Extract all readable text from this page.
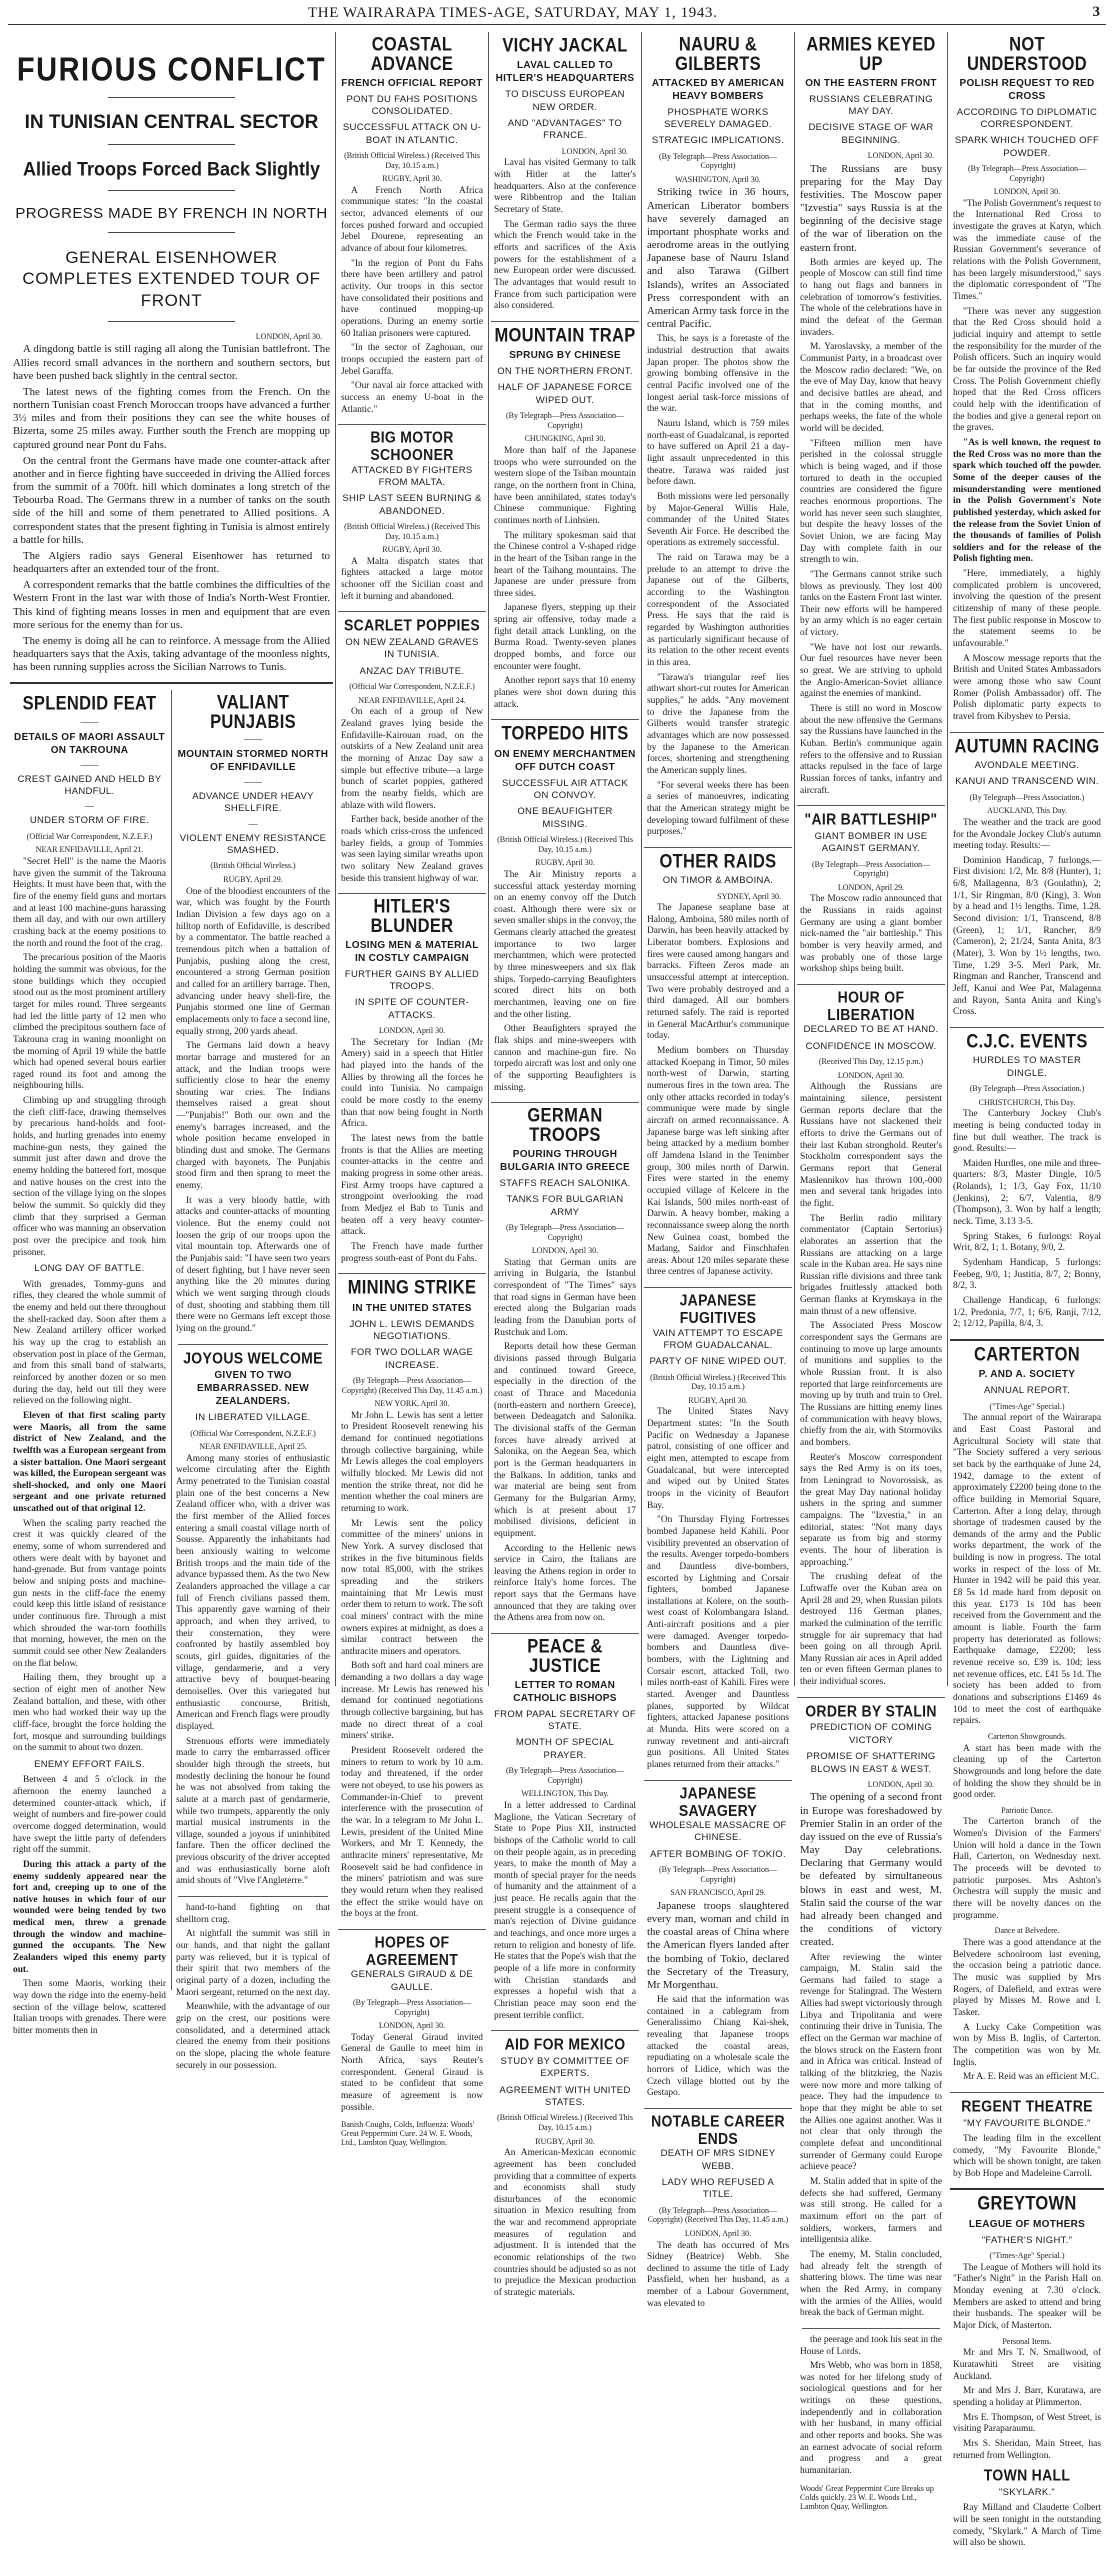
THE WAIRARAPA TIMES-AGE, SATURDAY, MAY 1, 1943.	3
FURIOUS CONFLICT
IN TUNISIAN CENTRAL SECTOR
Allied Troops Forced Back Slightly
PROGRESS MADE BY FRENCH IN NORTH
GENERAL EISENHOWER COMPLETES EXTENDED TOUR OF FRONT
LONDON, April 30.

A dingdong battle is still raging all along the Tunisian battlefront. The Allies record small advances in the northern and southern sectors, but have been pushed back slightly in the central sector.

The latest news of the fighting comes from the French. On the northern Tunisian coast French Moroccan troops have advanced a further 3½ miles and from their positions they can see the white houses of Bizerta, some 25 miles away. Further south the French are mopping up captured ground near Pont du Fahs.

On the central front the Germans have made one counter-attack after another and in fierce fighting have succeeded in driving the Allied forces from the summit of a 700ft. hill which dominates a long stretch of the Tebourba Road. The Germans threw in a number of tanks on the south side of the hill and some of them penetrated to Allied positions. A correspondent states that the present fighting in Tunisia is almost entirely a battle for hills.

The Algiers radio says General Eisenhower has returned to headquarters after an extended tour of the front.

A correspondent remarks that the battle combines the difficulties of the Western Front in the last war with those of India's North-West Frontier. This kind of fighting means losses in men and equipment that are even more serious for the enemy than for us.

The enemy is doing all he can to reinforce. A message from the Allied headquarters says that the Axis, taking advantage of the moonless nights, has been running supplies across the Sicilian Narrows to Tunis.

SPLENDID FEAT
——
DETAILS OF MAORI ASSAULT ON TAKROUNA
——
CREST GAINED AND HELD BY HANDFUL.
—
UNDER STORM OF FIRE.
(Official War Correspondent, N.Z.E.F.)
NEAR ENFIDAVILLE, April 21.

"Secret Hell" is the name the Maoris have given the summit of the Takrouna Heights. It must have been that, with the fire of the enemy field guns and mortars and at least 100 machine-guns harassing them all day, and with our own artillery crashing back at the enemy positions to the north and round the foot of the crag.

The precarious position of the Maoris holding the summit was obvious, for the stone buildings which they occupied stood out as the most prominent artillery target for miles round. Three sergeants had led the little party of 12 men who climbed the precipitous southern face of Takrouna crag in waning moonlight on the morning of April 19 while the battle which had opened several hours earlier raged round its foot and among the neighbouring hills.

Climbing up and struggling through the cleft cliff-face, drawing themselves by precarious hand-holds and foot-holds, and hurling grenades into enemy machine-gun nests, they gained the summit just after dawn and drove the enemy holding the battered fort, mosque and native houses on the crest into the section of the village lying on the slopes below the summit. So quickly did they climb that they surprised a German officer who was manning an observation post over the precipice and took him prisoner.

LONG DAY OF BATTLE.

With grenades, Tommy-guns and rifles, they cleared the whole summit of the enemy and held out there throughout the shell-racked day. Soon after them a New Zealand artillery officer worked his way up the crag to establish an observation post in place of the German, and from this small band of stalwarts, reinforced by another dozen or so men during the day, held out till they were relieved on the following night.

Eleven of that first scaling party were Maoris, all from the same district of New Zealand, and the twelfth was a European sergeant from a sister battalion. One Maori sergeant was killed, the European sergeant was shell-shocked, and only one Maori sergeant and one private returned unscathed out of that original 12.

When the scaling party reached the crest it was quickly cleared of the enemy, some of whom surrendered and others were dealt with by bayonet and hand-grenade. But from vantage points below and sniping posts and machine-gun nests in the cliff-face the enemy could keep this little island of resistance under continuous fire. Through a mist which shrouded the war-torn foothills that morning, however, the men on the summit could see other New Zealanders on the flat below.

Hailing them, they brought up a section of eight men of another New Zealand battalion, and these, with other men who had worked their way up the cliff-face, brought the force holding the fort, mosque and surrounding buildings on the summit to about two dozen.

ENEMY EFFORT FAILS.

Between 4 and 5 o'clock in the afternoon the enemy launched a determined counter-attack which, if weight of numbers and fire-power could overcome dogged determination, would have swept the little party of defenders right off the summit.

During this attack a party of the enemy suddenly appeared near the fort and, creeping up to one of the native houses in which four of our wounded were being tended by two medical men, threw a grenade through the window and machine-gunned the occupants. The New Zealanders wiped this enemy party out.

Then some Maoris, working their way down the ridge into the enemy-held section of the village below, scattered Italian troops with grenades. There were bitter moments then in

VALIANT PUNJABIS
——
MOUNTAIN STORMED NORTH OF ENFIDAVILLE
——
ADVANCE UNDER HEAVY SHELLFIRE.
—
VIOLENT ENEMY RESISTANCE SMASHED.
(British Official Wireless.)
RUGBY, April 29.

One of the bloodiest encounters of the war, which was fought by the Fourth Indian Division a few days ago on a hilltop north of Enfidaville, is described by a commentator. The battle reached a tremendous pitch when a battalion of Punjabis, pushing along the crest, encountered a strong German position and called for an artillery barrage. Then, advancing under heavy shell-fire, the Punjabis stormed one line of German emplacements only to face a second line, equally strong, 200 yards ahead.

The Germans laid down a heavy mortar barrage and mustered for an attack, and the Indian troops were sufficiently close to hear the enemy shouting war cries. The Indians themselves raised a great shout—"Punjabis!" Both our own and the enemy's barrages increased, and the whole position became enveloped in blinding dust and smoke. The Germans charged with bayonets. The Punjabis stood firm and then sprang to meet the enemy.

It was a very bloody battle, with attacks and counter-attacks of mounting violence. But the enemy could not loosen the grip of our troops upon the vital mountain top. Afterwards one of the Punjabis said: "I have seen two years of desert fighting, but I have never seen anything like the 20 minutes during which we went surging through clouds of dust, shooting and stabbing them till there were no Germans left except those lying on the ground."

JOYOUS WELCOME
GIVEN TO TWO EMBARRASSED. NEW ZEALANDERS.
IN LIBERATED VILLAGE.
(Official War Correspondent, N.Z.E.F.)
NEAR ENFIDAVILLE, April 25.

Among many stories of enthusiastic welcome circulating after the Eighth Army penetrated to the Tunisian coastal plain one of the best concerns a New Zealand officer who, with a driver was the first member of the Allied forces entering a small coastal village north of Sousse. Apparently the inhabitants had been anxiously waiting to welcome British troops and the main tide of the advance bypassed them. As the two New Zealanders approached the village a car full of French civilians passed them. This apparently gave warning of their approach, and when they arrived, to their consternation, they were confronted by hastily assembled boy scouts, girl guides, dignitaries of the village, gendarmerie, and a very attractive bevy of bouquet-bearing demoiselles. Over this variegated but enthusiastic concourse, British, American and French flags were proudly displayed.

Strenuous efforts were immediately made to carry the embarrassed officer shoulder high through the streets, but modestly declining the honour he found he was not absolved from taking the salute at a march past of gendarmerie, while two trumpets, apparently the only martial musical instruments in the village, sounded a joyous if uninhibited fanfare. Then the officer declined the previous obscurity of the driver accepted and was enthusiastically borne aloft amid shouts of "Vive l'Angleterre."

hand-to-hand fighting on that shelltorn crag.

At nightfall the summit was still in our hands, and that night the gallant party was relieved, but it is typical of their spirit that two members of the original party of a dozen, including the Maori sergeant, returned on the next day.

Meanwhile, with the advantage of our grip on the crest, our positions were consolidated, and a determined attack cleared the enemy from their positions on the slope, placing the whole feature securely in our possession.

COASTAL ADVANCE
FRENCH OFFICIAL REPORT
PONT DU FAHS POSITIONS CONSOLIDATED.
SUCCESSFUL ATTACK ON U-BOAT IN ATLANTIC.
(British Official Wireless.) (Received This Day, 10.15 a.m.)
RUGBY, April 30.

A French North Africa communique states: "In the coastal sector, advanced elements of our forces pushed forward and occupied Jebel Dourene, representing an advance of about four kilometres.

"In the region of Pont du Fahs there have been artillery and patrol activity. Our troops in this sector have consolidated their positions and have continued mopping-up operations. During an enemy sortie 60 Italian prisoners were captured.

"In the sector of Zaghouan, our troops occupied the eastern part of Jebel Garaffa.

"Our naval air force attacked with success an enemy U-boat in the Atlantic."

BIG MOTOR SCHOONER
ATTACKED BY FIGHTERS FROM MALTA.
SHIP LAST SEEN BURNING & ABANDONED.
(British Official Wireless.) (Received This Day, 10.15 a.m.)
RUGBY, April 30.

A Malta dispatch states that fighters attacked a large motor schooner off the Sicilian coast and left it burning and abandoned.

SCARLET POPPIES
ON NEW ZEALAND GRAVES IN TUNISIA.
ANZAC DAY TRIBUTE.
(Official War Correspondent, N.Z.E.F.)
NEAR ENFIDAVILLE, April 24.

On each of a group of New Zealand graves lying beside the Enfidaville-Kairouan road, on the outskirts of a New Zealand unit area the morning of Anzac Day saw a simple but effective tribute—a large bunch of scarlet poppies, gathered from the nearby fields, which are ablaze with wild flowers.

Farther back, beside another of the roads which criss-cross the unfenced barley fields, a group of Tommies was seen laying similar wreaths upon two solitary New Zealand graves beside this transient highway of war.

HITLER'S BLUNDER
LOSING MEN & MATERIAL IN COSTLY CAMPAIGN
FURTHER GAINS BY ALLIED TROOPS.
IN SPITE OF COUNTER-ATTACKS.
LONDON, April 30.

The Secretary for Indian (Mr Amery) said in a speech that Hitler had played into the hands of the Allies by throwing all the forces he could into Tunisia. No campaign could be more costly to the enemy than that now being fought in North Africa.

The latest news from the battle fronts is that the Allies are meeting counter-attacks in the centre and making progress in some other areas. First Army troops have captured a strongpoint overlooking the road from Medjez el Bab to Tunis and beaten off a very heavy counter-attack.

The French have made further progress south-east of Pont du Fahs.

MINING STRIKE
IN THE UNITED STATES
JOHN L. LEWIS DEMANDS NEGOTIATIONS.
FOR TWO DOLLAR WAGE INCREASE.
(By Telegraph—Press Association—Copyright) (Received This Day, 11.45 a.m.)
NEW YORK, April 30.

Mr John L. Lewis has sent a letter to President Roosevelt renewing his demand for continued negotiations through collective bargaining, while Mr Lewis alleges the coal employers wilfully blocked. Mr Lewis did not mention the strike threat, nor did he mention whether the coal miners are returning to work.

Mr Lewis sent the policy committee of the miners' unions in New York. A survey disclosed that strikes in the five bituminous fields now total 85,000, with the strikes spreading and the strikers maintaining that Mr Lewis must order them to return to work. The soft coal miners' contract with the mine owners expires at midnight, as does a similar contract between the anthracite miners and operators.

Both soft and hard coal miners are demanding a two dollars a day wage increase. Mr Lewis has renewed his demand for continued negotiations through collective bargaining, but has made no direct threat of a coal miners' strike.

President Roosevelt ordered the miners to return to work by 10 a.m. today and threatened, if the order were not obeyed, to use his powers as Commander-in-Chief to prevent interference with the prosecution of the war. In a telegram to Mr John L. Lewis, president of the United Mine Workers, and Mr T. Kennedy, the anthracite miners' representative, Mr Roosevelt said he had confidence in the miners' patriotism and was sure they would return when they realised the effect the strike would have on the boys at the front.

HOPES OF AGREEMENT
GENERALS GIRAUD & DE GAULLE.
(By Telegraph—Press Association—Copyright)
LONDON, April 30.

Today General Giraud invited General de Gaulle to meet him in North Africa, says Reuter's correspondent. General Giraud is stated to be confident that some measure of agreement is now possible.

Banish Coughs, Colds, Influenza: Woods' Great Peppermint Cure. 24 W. E. Woods, Ltd., Lambton Quay, Wellington.
VICHY JACKAL
LAVAL CALLED TO HITLER'S HEADQUARTERS
TO DISCUSS EUROPEAN NEW ORDER.
AND "ADVANTAGES" TO FRANCE.
LONDON, April 30.

Laval has visited Germany to talk with Hitler at the latter's headquarters. Also at the conference were Ribbentrop and the Italian Secretary of State.

The German radio says the three which the French would take in the efforts and sacrifices of the Axis powers for the establishment of a new European order were discussed. The advantages that would result to France from such participation were also considered.

MOUNTAIN TRAP
SPRUNG BY CHINESE
ON THE NORTHERN FRONT.
HALF OF JAPANESE FORCE WIPED OUT.
(By Telegraph—Press Association—Copyright)
CHUNGKING, April 30.

More than half of the Japanese troops who were surrounded on the western slope of the Tsiban mountain range, on the northern front in China, have been annihilated, states today's Chinese communique. Fighting continues north of Linhsien.

The military spokesman said that the Chinese control a V-shaped ridge in the heart of the Tsiban range in the heart of the Taihang mountains. The Japanese are under pressure from three sides.

Japanese flyers, stepping up their spring air offensive, today made a fight detail attack Lunkling, on the Burma Road. Twenty-seven planes dropped bombs, and force our encounter were fought.

Another report says that 10 enemy planes were shot down during this attack.

TORPEDO HITS
ON ENEMY MERCHANTMEN OFF DUTCH COAST
SUCCESSFUL AIR ATTACK ON CONVOY.
ONE BEAUFIGHTER MISSING.
(British Official Wireless.) (Received This Day, 10.15 a.m.)
RUGBY, April 30.

The Air Ministry reports a successful attack yesterday morning on an enemy convoy off the Dutch coast. Although there were six or seven smaller ships in the convoy, the Germans clearly attached the greatest importance to two larger merchantmen, which were protected by three minesweepers and six flak ships. Torpedo-carrying Beaufighters scored direct hits on both merchantmen, leaving one on fire and the other listing.

Other Beaufighters sprayed the flak ships and mine-sweepers with cannon and machine-gun fire. No torpedo aircraft was lost and only one of the supporting Beaufighters is missing.

GERMAN TROOPS
POURING THROUGH BULGARIA INTO GREECE
STAFFS REACH SALONIKA.
TANKS FOR BULGARIAN ARMY
(By Telegraph—Press Association—Copyright)
LONDON, April 30.

Stating that German units are arriving in Bulgaria, the Istanbul correspondent of "The Times" says that road signs in German have been erected along the Bulgarian roads leading from the Danubian ports of Rustchuk and Lom.

Reports detail how these German divisions passed through Bulgaria and continued toward Greece, especially in the direction of the coast of Thrace and Macedonia (north-eastern and northern Greece), between Dedeagatch and Salonika. The divisional staffs of the German forces have already arrived at Salonika, on the Aegean Sea, which port is the German headquarters in the Balkans. In addition, tanks and war material are being sent from Germany for the Bulgarian Army, which is at present about 17 mobilised divisions, deficient in equipment.

According to the Hellenic news service in Cairo, the Italians are leaving the Athens region in order to reinforce Italy's home forces. The report says that the Germans have announced that they are taking over the Athens area from now on.

PEACE & JUSTICE
LETTER TO ROMAN CATHOLIC BISHOPS
FROM PAPAL SECRETARY OF STATE.
MONTH OF SPECIAL PRAYER.
(By Telegraph—Press Association—Copyright)
WELLINGTON, This Day.

In a letter addressed to Cardinal Maglione, the Vatican Secretary of State to Pope Pius XII, instructed bishops of the Catholic world to call on their people again, as in preceding years, to make the month of May a month of special prayer for the needs of humanity and the attainment of a just peace. He recalls again that the present struggle is a consequence of man's rejection of Divine guidance and teachings, and once more urges a return to religion and honesty of life. He states that the Pope's wish that the people of a life more in conformity with Christian standards and expresses a hopeful wish that a Christian peace may soon end the present terrible conflict.

AID FOR MEXICO
STUDY BY COMMITTEE OF EXPERTS.
AGREEMENT WITH UNITED STATES.
(British Official Wireless.) (Received This Day, 10.15 a.m.)
RUGBY, April 30.

An American-Mexican economic agreement has been concluded providing that a committee of experts and economists shall study disturbances of the economic situation in Mexico resulting from the war and recommend appropriate measures of regulation and adjustment. It is intended that the economic relationships of the two countries should be adjusted so as not to prejudice the Mexican production of strategic materials.

NAURU & GILBERTS
ATTACKED BY AMERICAN HEAVY BOMBERS
PHOSPHATE WORKS SEVERELY DAMAGED.
STRATEGIC IMPLICATIONS.
(By Telegraph—Press Association—Copyright)
WASHINGTON, April 30.

Striking twice in 36 hours, American Liberator bombers have severely damaged an important phosphate works and aerodrome areas in the outlying Japanese base of Nauru Island and also Tarawa (Gilbert Islands), writes an Associated Press correspondent with an American Army task force in the central Pacific.

This, he says is a foretaste of the industrial destruction that awaits Japan proper. The photos show the growing bombing offensive in the central Pacific involved one of the longest aerial task-force missions of the war.

Nauru Island, which is 759 miles north-east of Guadalcanal, is reported to have suffered on April 21 a day-light assault unprecedented in this theatre. Tarawa was raided just before dawn.

Both missions were led personally by Major-General Willis Hale, commander of the United States Seventh Air Force. He described the operations as extremely successful.

The raid on Tarawa may be a prelude to an attempt to drive the Japanese out of the Gilberts, according to the Washington correspondent of the Associated Press. He says that the raid is regarded by Washington authorities as particularly significant because of its relation to the other recent events in this area.

"Tarawa's triangular reef lies athwart short-cut routes for American supplies," he adds. "Any movement to drive the Japanese from the Gilberts would transfer strategic advantages which are now possessed by the Japanese to the American forces, shortening and strengthening the American supply lines.

"For several weeks there has been a series of manoeuvres, indicating that the American strategy might be developing toward fulfilment of these purposes."

OTHER RAIDS
ON TIMOR & AMBOINA.
SYDNEY, April 30.

The Japanese seaplane base at Halong, Amboina, 580 miles north of Darwin, has been heavily attacked by Liberator bombers. Explosions and fires were caused among hangars and barracks. Fifteen Zeros made an unsuccessful attempt at interception. Two were probably destroyed and a third damaged. All our bombers returned safely. The raid is reported in General MacArthur's communique today.

Medium bombers on Thursday attacked Koepang in Timor, 50 miles north-west of Darwin, starting numerous fires in the town area. The only other attacks recorded in today's communique were made by single aircraft on armed reconnaissance. A Japanese barge was left sinking after being attacked by a medium bomber off Jamdena Island in the Tenimber group, 300 miles north of Darwin. Fires were started in the enemy occupied village of Kelcere in the Kai Islands, 500 miles north-east of Darwin. A heavy bomber, making a reconnaissance sweep along the north New Guinea coast, bombed the Madang, Saidor and Finschhafen areas. About 120 miles separate these three centres of Japanese activity.

JAPANESE FUGITIVES
VAIN ATTEMPT TO ESCAPE FROM GUADALCANAL.
PARTY OF NINE WIPED OUT.
(British Official Wireless.) (Received This Day, 10.15 a.m.)
RUGBY, April 30.

The United States Navy Department states: "In the South Pacific on Wednesday a Japanese patrol, consisting of one officer and eight men, attempted to escape from Guadalcanal, but were intercepted and wiped out by United States troops in the vicinity of Beaufort Bay.

"On Thursday Flying Fortresses bombed Japanese held Kahili. Poor visibility prevented an observation of the results. Avenger torpedo-bombers and Dauntless dive-bombers, escorted by Lightning and Corsair fighters, bombed Japanese installations at Kolere, on the south-west coast of Kolombangara Island. Anti-aircraft positions and a pier were damaged. Avenger torpedo-bombers and Dauntless dive-bombers, with the Lightning and Corsair escort, attacked Toll, two miles north-east of Kahili. Fires were started. Avenger and Dauntless planes, supported by Wildcat fighters, attacked Japanese positions at Munda. Hits were scored on a runway revetment and anti-aircraft gun positions. All United States planes returned from their attacks."

JAPANESE SAVAGERY
WHOLESALE MASSACRE OF CHINESE.
AFTER BOMBING OF TOKIO.
(By Telegraph—Press Association—Copyright)
SAN FRANCISCO, April 29.

Japanese troops slaughtered every man, woman and child in the coastal areas of China where the American flyers landed after the bombing of Tokio, declared the Secretary of the Treasury, Mr Morgenthau.

He said that the information was contained in a cablegram from Generalissimo Chiang Kai-shek, revealing that Japanese troops attacked the coastal areas, repudiating on a wholesale scale the horrors of Lidice, which was the Czech village blotted out by the Gestapo.

NOTABLE CAREER ENDS
DEATH OF MRS SIDNEY WEBB.
LADY WHO REFUSED A TITLE.
(By Telegraph—Press Association—Copyright) (Received This Day, 11.45 a.m.)
LONDON, April 30.

The death has occurred of Mrs Sidney (Beatrice) Webb. She declined to assume the title of Lady Passfield, when her husband, as a member of a Labour Government, was elevated to

ARMIES KEYED UP
ON THE EASTERN FRONT
RUSSIANS CELEBRATING MAY DAY.
DECISIVE STAGE OF WAR BEGINNING.
LONDON, April 30.

The Russians are busy preparing for the May Day festivities. The Moscow paper "Izvestia" says Russia is at the beginning of the decisive stage of the war of liberation on the eastern front.

Both armies are keyed up. The people of Moscow can still find time to hang out flags and banners in celebration of tomorrow's festivities. The whole of the celebrations have in mind the defeat of the German invaders.

M. Yaroslavsky, a member of the Communist Party, in a broadcast over the Moscow radio declared: "We, on the eve of May Day, know that heavy and decisive battles are ahead, and that in the coming months, and perhaps weeks, the fate of the whole world will be decided.

"Fifteen million men have perished in the colossal struggle which is being waged, and if those tortured to death in the occupied countries are considered the figure reaches enormous proportions. The world has never seen such slaughter, but despite the heavy losses of the Soviet Union, we are facing May Day with complete faith in our strength to win.

"The Germans cannot strike such blows as previously. They lost 400 tanks on the Eastern Front last winter. Their new efforts will be hampered by an army which is no eager certain of victory.

"We have not lost our rewards. Our fuel resources have never been so great. We are striving to uphold the Anglo-American-Soviet alliance against the enemies of mankind.

There is still no word in Moscow about the new offensive the Germans say the Russians have launched in the Kuban. Berlin's communique again refers to the offensive and to Russian attacks repulsed in the face of large Russian forces of tanks, infantry and aircraft.

"AIR BATTLESHIP"
GIANT BOMBER IN USE AGAINST GERMANY.
(By Telegraph—Press Association—Copyright)
LONDON, April 29.

The Moscow radio announced that the Russians in raids against Germany are using a giant bomber nick-named the "air battleship." This bomber is very heavily armed, and was probably one of those large workshop ships being built.

HOUR OF LIBERATION
DECLARED TO BE AT HAND.
CONFIDENCE IN MOSCOW.
(Received This Day, 12.15 p.m.)
LONDON, April 30.

Although the Russians are maintaining silence, persistent German reports declare that the Russians have not slackened their efforts to drive the Germans out of their last Kuban stronghold. Reuter's Stockholm correspondent says the Germans report that General Maslennikov has thrown 100,-000 men and several tank brigades into the fight.

The Berlin radio military commentator (Captain Sertorius) elaborates an assertion that the Russians are attacking on a large scale in the Kuban area. He says nine Russian rifle divisions and three tank brigades fruitlessly attacked both German flanks at Krymskaya in the main thrust of a new offensive.

The Associated Press Moscow correspondent says the Germans are continuing to move up large amounts of munitions and supplies to the whole Russian front. It is also reported that large reinforcements are moving up by truth and train to Orel. The Russians are hitting enemy lines of communication with heavy blows, chiefly from the air, with Stormoviks and bombers.

Reuter's Moscow correspondent says the Red Army is on its toes, from Leningrad to Novorossisk, as the great May Day national holiday ushers in the spring and summer campaigns. The "Izvestia," in an editorial, states: "Not many days separate us from big and stormy events. The hour of liberation is approaching."

The crushing defeat of the Luftwaffe over the Kuban area on April 28 and 29, when Russian pilots destroyed 116 German planes, marked the culmination of the terrific struggle for air supremacy that had been going on all through April. Many Russian air aces in April added ten or even fifteen German planes to their individual scores.

ORDER BY STALIN
PREDICTION OF COMING VICTORY
PROMISE OF SHATTERING BLOWS IN EAST & WEST.
LONDON, April 30.

The opening of a second front in Europe was foreshadowed by Premier Stalin in an order of the day issued on the eve of Russia's May Day celebrations. Declaring that Germany would be defeated by simultaneous blows in east and west, M. Stalin said the course of the war had already been changed and the conditions of victory created.

After reviewing the winter campaign, M. Stalin said the Germans had failed to stage a revenge for Stalingrad. The Western Allies had swept victoriously through Libya and Tripolitania and were continuing their drive in Tunisia. The effect on the German war machine of the blows struck on the Eastern front and in Africa was critical. Instead of talking of the blitzkrieg, the Nazis were now more and more talking of peace. They had the impudence to hope that they might be able to set the Allies one against another. Was it not clear that only through the complete defeat and unconditional surrender of Germany could Europe achieve peace?

M. Stalin added that in spite of the defects she had suffered, Germany was still strong. He called for a maximum effort on the part of soldiers, workers, farmers and intelligentsia alike.

The enemy, M. Stalin concluded, had already felt the strength of shattering blows. The time was near when the Red Army, in company with the armies of the Allies, would break the back of German might.

the peerage and took his seat in the House of Lords.

Mrs Webb, who was born in 1858, was noted for her lifelong study of sociological questions and for her writings on these questions, independently and in collaboration with her husband, in many official and other reports and books. She was an earnest advocate of social reform and progress and a great humanitarian.

Woods' Great Peppermint Cure Breaks up Colds quickly. 23 W. E. Woods Ltd., Lambton Quay, Wellington.
NOT UNDERSTOOD
POLISH REQUEST TO RED CROSS
ACCORDING TO DIPLOMATIC CORRESPONDENT.
SPARK WHICH TOUCHED OFF POWDER.
(By Telegraph—Press Association—Copyright)
LONDON, April 30.

"The Polish Government's request to the International Red Cross to investigate the graves at Katyn, which was the immediate cause of the Russian Government's severance of relations with the Polish Government, has been largely misunderstood," says the diplomatic correspondent of "The Times."

"There was never any suggestion that the Red Cross should hold a judicial inquiry and attempt to settle the responsibility for the murder of the Polish officers. Such an inquiry would be far outside the province of the Red Cross. The Polish Government chiefly hoped that the Red Cross officers could help with the identification of the bodies and give a general report on the graves.

"As is well known, the request to the Red Cross was no more than the spark which touched off the powder. Some of the deeper causes of the misunderstanding were mentioned in the Polish Government's Note published yesterday, which asked for the release from the Soviet Union of the thousands of families of Polish soldiers and for the release of the Polish fighting men.

"Here, immediately, a highly complicated problem is uncovered, involving the question of the present citizenship of many of these people. The first public response in Moscow to the statement seems to be unfavourable."

A Moscow message reports that the British and United States Ambassadors were among those who saw Count Romer (Polish Ambassador) off. The Polish diplomatic party expects to travel from Kibyshev to Persia.

AUTUMN RACING
AVONDALE MEETING.
KANUI AND TRANSCEND WIN.
(By Telegraph—Press Association.)
AUCKLAND, This Day.

The weather and the track are good for the Avondale Jockey Club's autumn meeting today. Results:—

Dominion Handicap, 7 furlongs.—First division: 1/2, Mr. 8/8 (Hunter), 1; 6/8, Mallagenna, 8/3 (Goulathn), 2; 1/1, Sir Ringman, 8/0 (King), 3. Won by a head and 1½ lengths. Time, 1.28. Second division: 1/1, Transcend, 8/8 (Green), 1; 1/1, Rancher, 8/9 (Cameron), 2; 21/24, Santa Anita, 8/3 (Mater), 3. Won by 1½ lengths, two. Time, 1.29 3-5. Merl Park, Mr. Ringman and Rancher, Transcend and Jeff, Kanui and Wee Pat, Malagenna and Rayon, Santa Anita and King's Cross.

C.J.C. EVENTS
HURDLES TO MASTER DINGLE.
(By Telegraph—Press Association.)
CHRISTCHURCH, This Day.

The Canterbury Jockey Club's meeting is being conducted today in fine but dull weather. The track is good. Results:—

Maiden Hurdles, one mile and three-quarters: 8/3, Master Dingle, 10/5 (Rolands), 1; 1/3, Gay Fox, 11/10 (Jenkins), 2; 6/7, Valentia, 8/9 (Thompson), 3. Won by half a length; neck. Time, 3.13 3-5.

Spring Stakes, 6 furlongs: Royal Writ, 8/2, 1; 1. Botany, 9/0, 2.

Sydenham Handicap, 5 furlongs: Feebeg, 9/0, 1; Justitia, 8/7, 2; Bonny, 8/2, 3.

Challenge Handicap, 6 furlongs: 1/2, Predonia, 7/7, 1; 6/6, Ranji, 7/12, 2; 12/12, Papilla, 8/4, 3.

CARTERTON
P. AND A. SOCIETY
ANNUAL REPORT.
("Times-Age" Special.)

The annual report of the Wairarapa and East Coast Pastoral and Agricultural Society will state that "The Society suffered a very serious set back by the earthquake of June 24, 1942, damage to the extent of approximately £2200 being done to the office building in Memorial Square, Carterton. After a long delay, through shortage of tradesmen caused by the demands of the army and the Public works department, the work of the building is now in progress. The total works in respect of the loss of Mr. Hunter in 1942 will be paid this year. £8 5s 1d made hard from deposit on this year. £173 1s 10d has been received from the Government and the amount is liable. Fourth the farm property has deteriorated as follows: Earthquake damage, £2200; less revenue receive so. £39 is. 10d; less net revenue offices, etc. £41 5s 1d. The society has been added to from donations and subscriptions £1469 4s 10d to meet the cost of earthquake repairs.

Carterton Showgrounds.

A start has been made with the cleaning up of the Carterton Showgrounds and long before the date of holding the show they should be in good order.

Patriotic Dance.

The Carterton branch of the Women's Division of the Farmers' Union will hold a dance in the Town Hall, Carterton, on Wednesday next. The proceeds will be devoted to patriotic purposes. Mrs Ashton's Orchestra will supply the music and there will be novelty dances on the programme.

Dance at Belvedere.

There was a good attendance at the Belvedere schoolroom last evening, the occasion being a patriotic dance. The music was supplied by Mrs Rogers, of Dalefield, and extras were played by Misses M. Rowe and I. Tasker.

A Lucky Cake Competition was won by Miss B. Inglis, of Carterton. The competition was won by Mr. Inglis.

Mr A. E. Reid was an efficient M.C.

REGENT THEATRE
"MY FAVOURITE BLONDE."

The leading film in the excellent comedy, "My Favourite Blonde," which will be shown tonight, are taken by Bob Hope and Madeleine Carroll.

GREYTOWN
LEAGUE OF MOTHERS
"FATHER'S NIGHT."
("Times-Age" Special.)

The League of Mothers will hold its "Father's Night" in the Parish Hall on Monday evening at 7.30 o'clock. Members are asked to attend and bring their husbands. The speaker will be Major Dick, of Masterton.

Personal Items.

Mr and Mrs T. N. Smallwood, of Kuratawhiti Street are visiting Auckland.

Mr and Mrs J. Barr, Kuratawa, are spending a holiday at Plimmerton.

Mrs E. Thompson, of West Street, is visiting Paraparaumu.

Mrs S. Sheridan, Main Street, has returned from Wellington.

TOWN HALL
"SKYLARK."

Ray Milland and Claudette Colbert will be seen tonight in the outstanding comedy, "Skylark." A March of Time will also be shown.
